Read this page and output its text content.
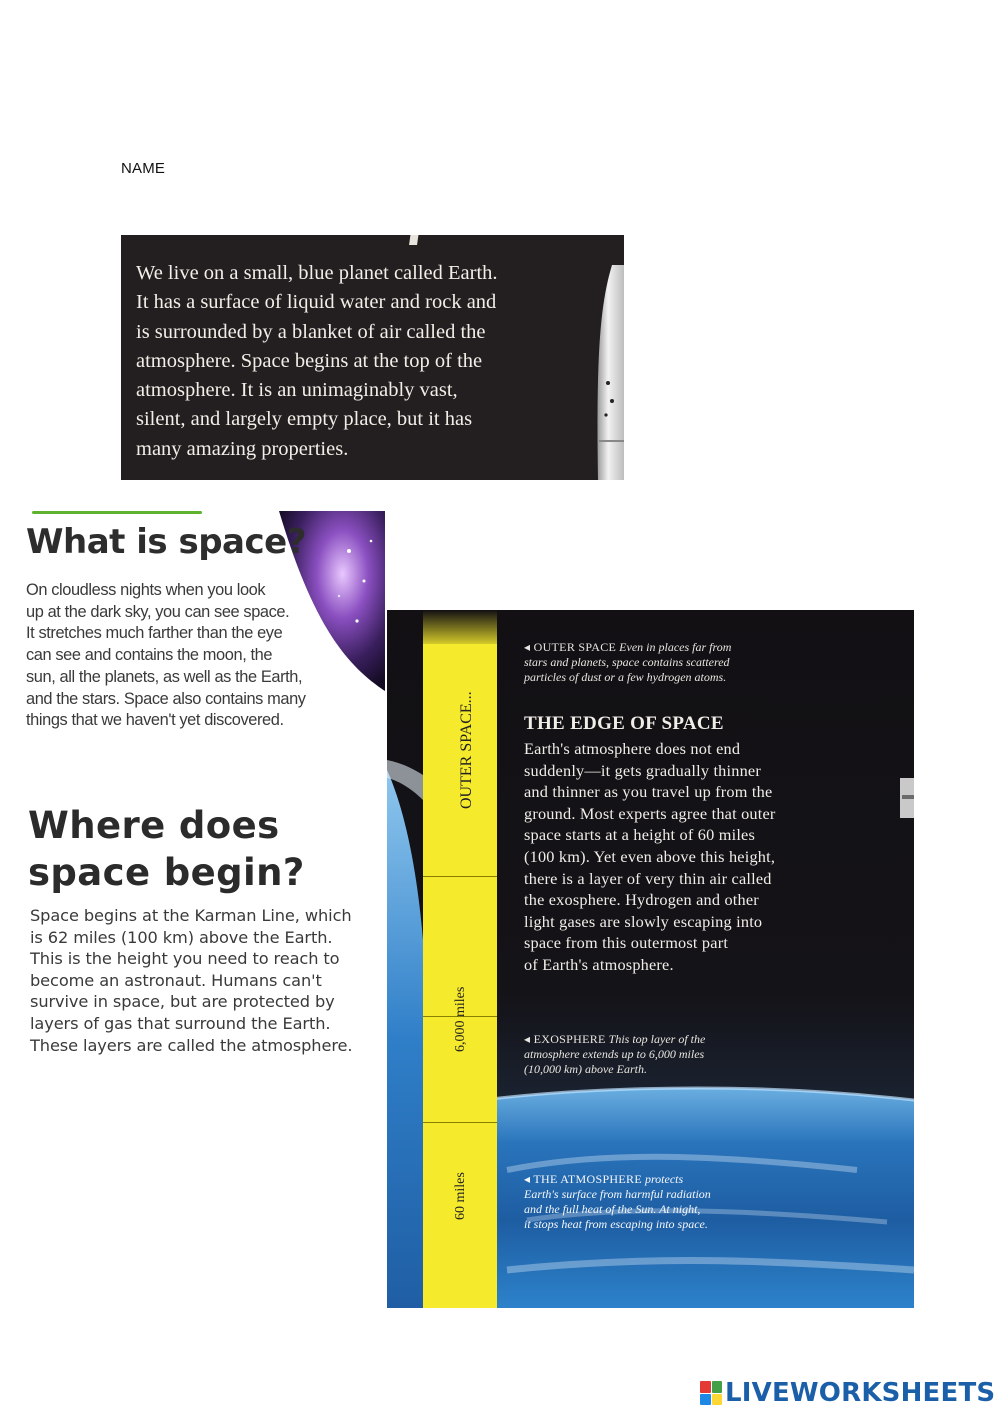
NAME
We live on a small, blue planet called Earth.
It has a surface of liquid water and rock and
is surrounded by a blanket of air called the
atmosphere. Space begins at the top of the
atmosphere. It is an unimaginably vast,
silent, and largely empty place, but it has
many amazing properties.
What is space?
On cloudless nights when you look
up at the dark sky, you can see space.
It stretches much farther than the eye
can see and contains the moon, the
sun, all the planets, as well as the Earth,
and the stars. Space also contains many
things that we haven't yet discovered.
Where does
space begin?
Space begins at the Karman Line, which
is 62 miles (100 km) above the Earth.
This is the height you need to reach to
become an astronaut. Humans can't
survive in space, but are protected by
layers of gas that surround the Earth.
These layers are called the atmosphere.
OUTER SPACE...
6,000 miles
60 miles
◂ OUTER SPACE Even in places far from
stars and planets, space contains scattered
particles of dust or a few hydrogen atoms.
THE EDGE OF SPACE
Earth's atmosphere does not end
suddenly—it gets gradually thinner
and thinner as you travel up from the
ground. Most experts agree that outer
space starts at a height of 60 miles
(100 km). Yet even above this height,
there is a layer of very thin air called
the exosphere. Hydrogen and other
light gases are slowly escaping into
space from this outermost part
of Earth's atmosphere.
◂ EXOSPHERE This top layer of the
atmosphere extends up to 6,000 miles
(10,000 km) above Earth.
◂ THE ATMOSPHERE protects
Earth's surface from harmful radiation
and the full heat of the Sun. At night,
it stops heat from escaping into space.
LIVEWORKSHEETS
